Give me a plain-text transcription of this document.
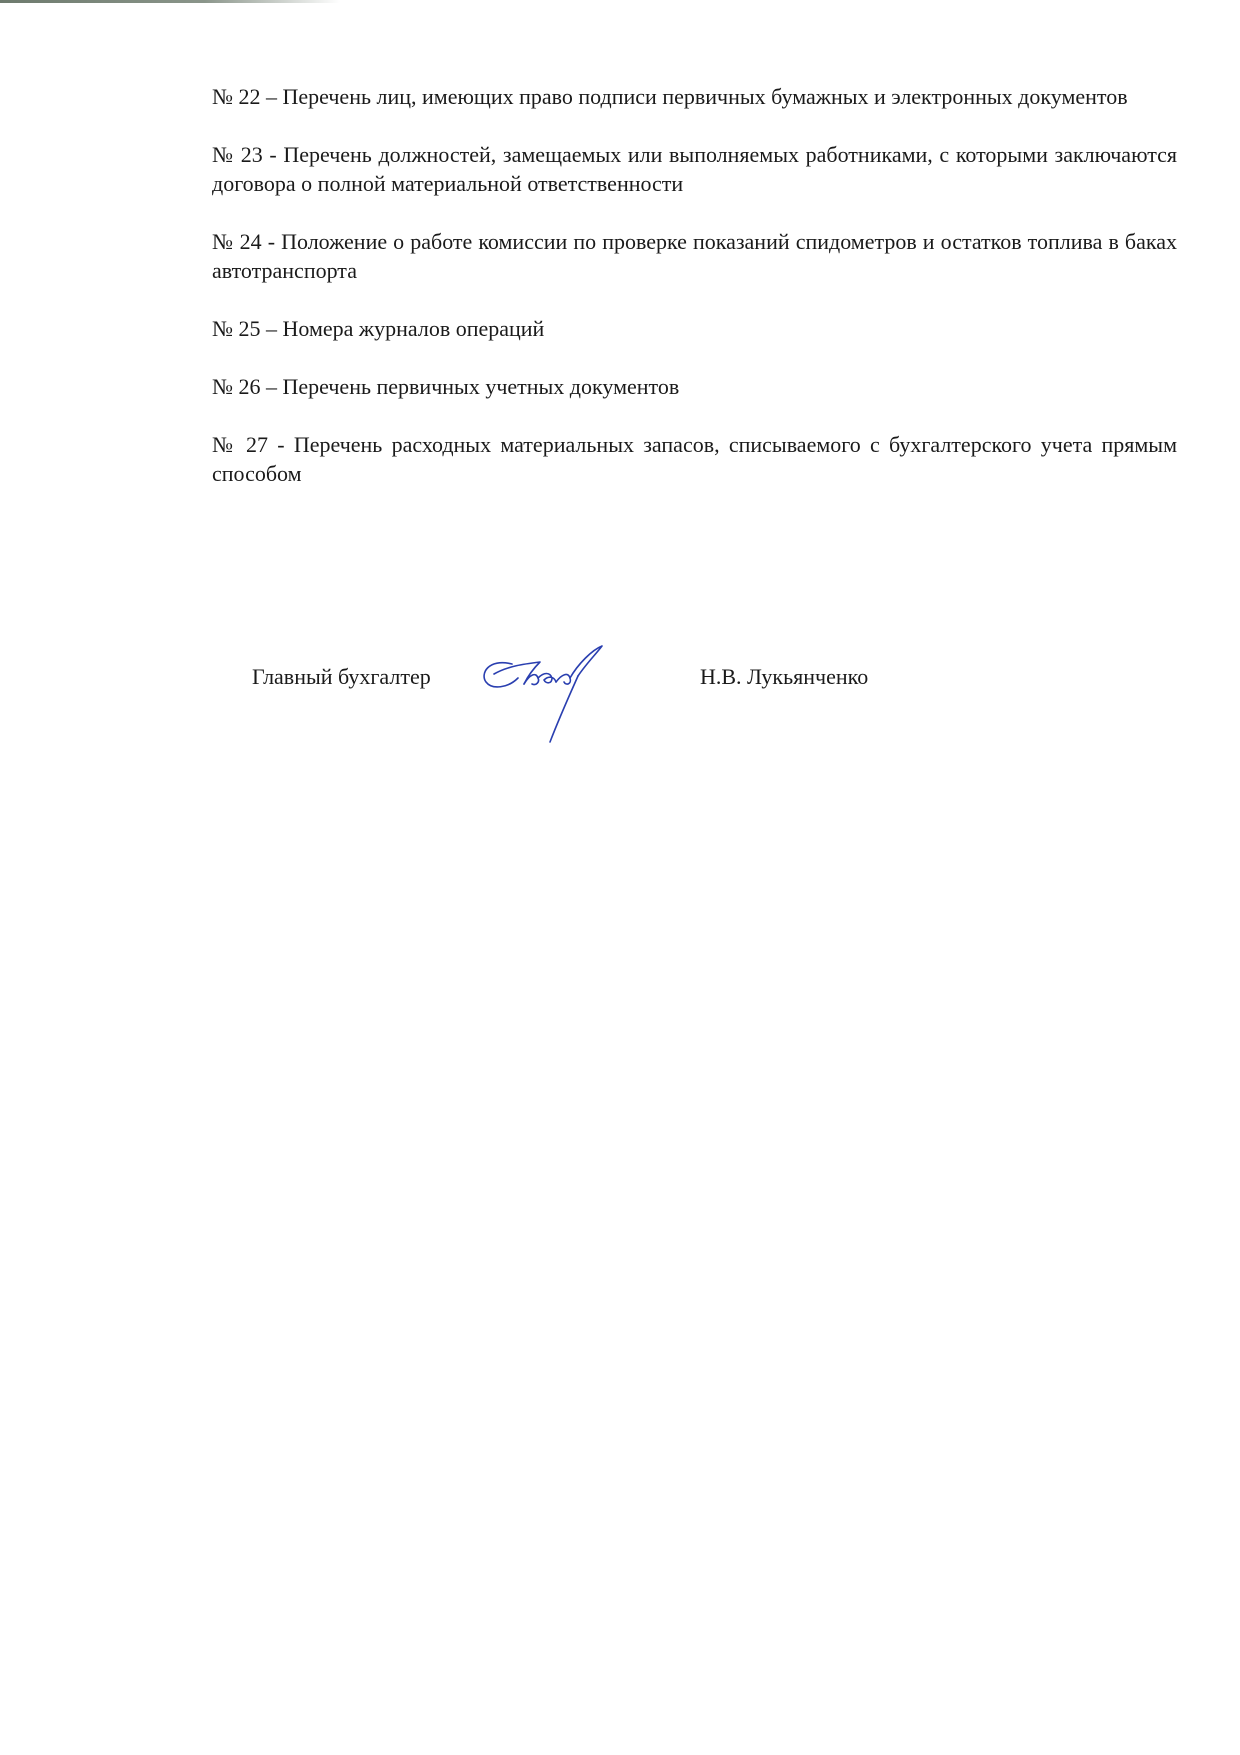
№ 22 – Перечень лиц, имеющих право подписи первичных бумажных и электронных документов

№ 23 - Перечень должностей, замещаемых или выполняемых работниками, с которыми заключаются договора о полной материальной ответственности

№ 24 - Положение о работе комиссии по проверке показаний спидометров и остатков топлива в баках автотранспорта

№ 25 – Номера журналов операций

№ 26 – Перечень первичных учетных документов

№ 27 - Перечень расходных материальных запасов, списываемого с бухгалтерского учета прямым способом

Главный бухгалтер	Н.В. Лукьянченко
